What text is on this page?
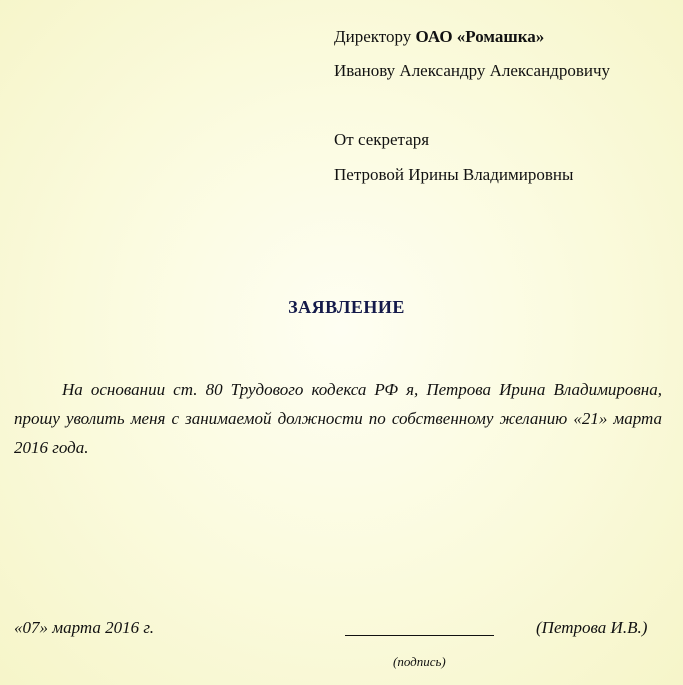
Директору ОАО «Ромашка»
Иванову Александру Александровичу
От секретаря
Петровой Ирины Владимировны
ЗАЯВЛЕНИЕ

На основании ст. 80 Трудового кодекса РФ я, Петрова Ирина Владимировна, прошу уволить меня с занимаемой должности по собственному желанию «21» марта 2016 года.

«07» марта 2016 г.	(Петрова И.В.)
(подпись)
